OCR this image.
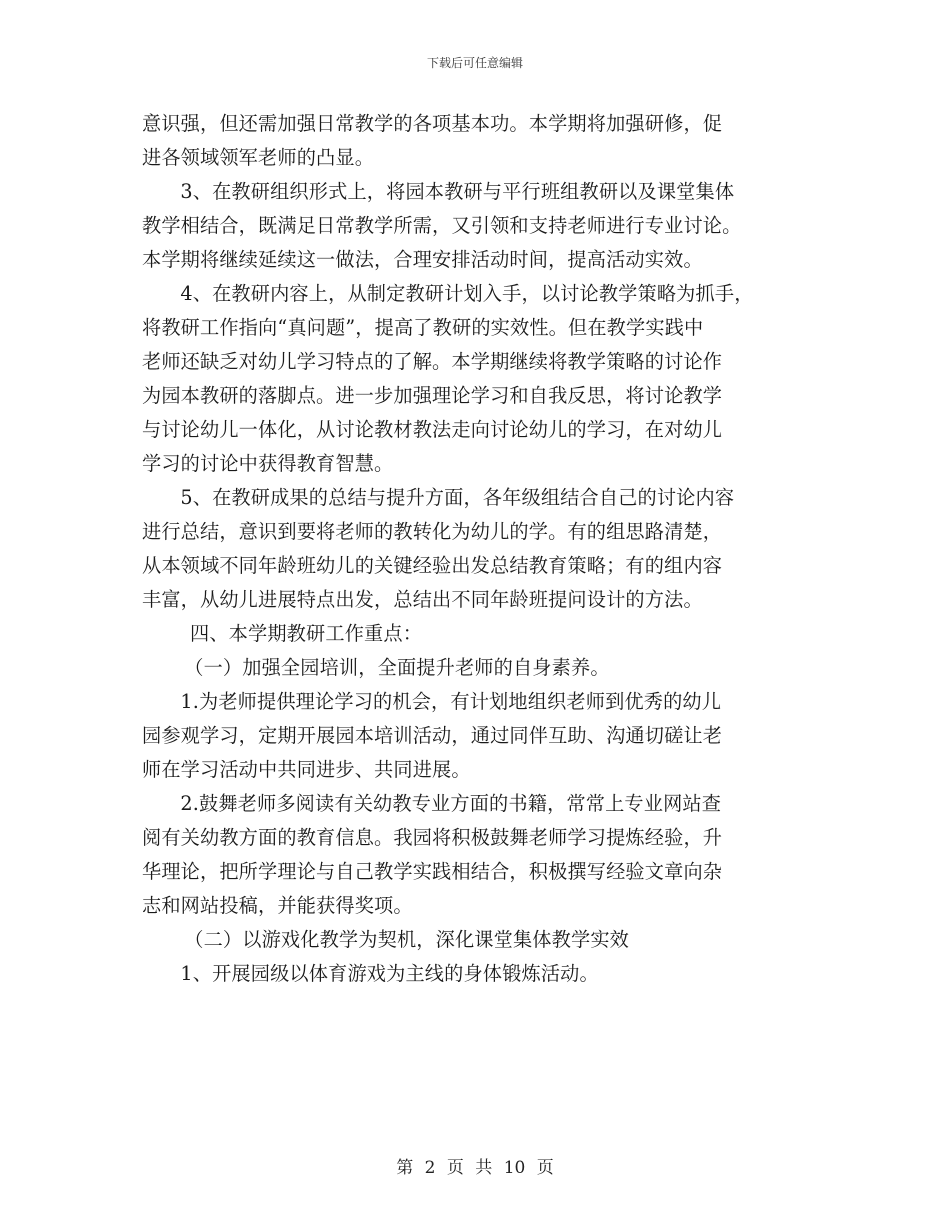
下载后可任意编辑

意识强，但还需加强日常教学的各项基本功。本学期将加强研修，促

进各领域领军老师的凸显。

3、在教研组织形式上，将园本教研与平行班组教研以及课堂集体

教学相结合，既满足日常教学所需，又引领和支持老师进行专业讨论。

本学期将继续延续这一做法，合理安排活动时间，提高活动实效。

4、在教研内容上，从制定教研计划入手，以讨论教学策略为抓手，

将教研工作指向“真问题”，提高了教研的实效性。但在教学实践中

老师还缺乏对幼儿学习特点的了解。本学期继续将教学策略的讨论作

为园本教研的落脚点。进一步加强理论学习和自我反思，将讨论教学

与讨论幼儿一体化，从讨论教材教法走向讨论幼儿的学习，在对幼儿

学习的讨论中获得教育智慧。

5、在教研成果的总结与提升方面，各年级组结合自己的讨论内容

进行总结，意识到要将老师的教转化为幼儿的学。有的组思路清楚，

从本领域不同年龄班幼儿的关键经验出发总结教育策略；有的组内容

丰富，从幼儿进展特点出发，总结出不同年龄班提问设计的方法。

四、本学期教研工作重点：

（一）加强全园培训，全面提升老师的自身素养。

1.为老师提供理论学习的机会，有计划地组织老师到优秀的幼儿

园参观学习，定期开展园本培训活动，通过同伴互助、沟通切磋让老

师在学习活动中共同进步、共同进展。

2.鼓舞老师多阅读有关幼教专业方面的书籍，常常上专业网站查

阅有关幼教方面的教育信息。我园将积极鼓舞老师学习提炼经验，升

华理论，把所学理论与自己教学实践相结合，积极撰写经验文章向杂

志和网站投稿，并能获得奖项。

（二）以游戏化教学为契机，深化课堂集体教学实效

1、开展园级以体育游戏为主线的身体锻炼活动。

第 2 页 共 10 页
